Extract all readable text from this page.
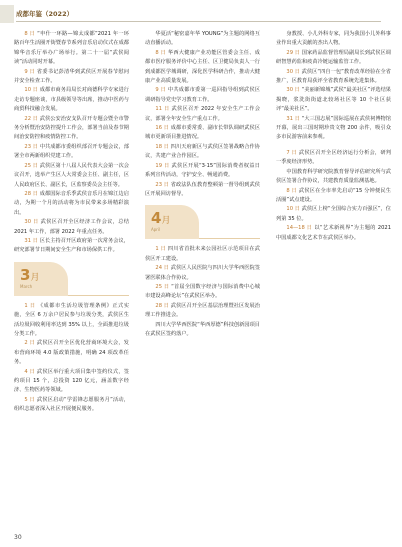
成都年鉴（2022）

8 日 “申什一环路—锦太成都”2021 年一环路百年生活圈开街暨春节系列音乐启动仪式在成都锦华音乐厅举办广场举行。第二十一届“武侯阅读”活动同时开幕。

9 日 省委书记彭清华到武侯区开展春节慰问并安全检查工作。

10 日 成都市商务局局长对商德科学专家进行走访专题座谈，市县级领导等出席，推动中医药与商贸科技融合发展。

22 日 武侯公安治安支队召开专题会暨全市警务分析暨治安防控提升工作会，部署当前及春节期间治安防控和疫情防控工作。

23 日 中共成都市委组织部召开专题会议，部署全市两新组织党建工作。

25 日 武侯区第十八届人民代表大会第一次会议召开，选举产生区人大常委会主任、副主任，区人民政府区长、副区长，区监察委员会主任等。

28 日 成都国际音乐季武侯音乐月在锦江边启动，为期一个月的活动将为市民带来多场精彩演出。

30 日 武侯区召开全区经济工作会议，总结 2021 年工作，部署 2022 年重点任务。

31 日 区长主持召开区政府第一次常务会议，研究部署节日期间安全生产和市场保供工作。

3月
March

1 日 《成都市生活垃圾管理条例》正式实施，全区 6 万余户居民参与垃圾分类，武侯区生活垃圾回收利用率达到 35% 以上，全面推进垃圾分类工作。

2 日 武侯区召开全区优化营商环境大会，发布营商环境 4.0 版政策措施，明确 24 项改革任务。

4 日 武侯区举行重大项目集中签约仪式，签约项目 15 个，总投资 120 亿元，涵盖数字经济、生物医药等领域。

5 日 武侯区启动“学雷锋志愿服务月”活动，组织志愿者深入社区开展便民服务。

华夏活“秘密嘉年华 YOUNG”为主题的网络互动直播活动。

8 日 华西大健康产业功能区管委会主任、成都市医疗服务评价中心主任、区卫健局负责人一行到成都医学城调研，深化医学科研合作，推动大健康产业高质量发展。

9 日 中共成都市委第一巡回指导组到武侯区调研指导党史学习教育工作。

11 日 武侯区召开 2022 年安全生产工作会议，部署全年安全生产重点工作。

16 日 成都市委常委、副市长带队调研武侯区城市更新项目推进情况。

18 日 四川天府新区与武侯区签署战略合作协议，共建产业合作园区。

19 日 武侯区开展“3·15”国际消费者权益日系列宣传活动，守护安全、畅通消费。

23 日 省政法队伍教育整顿第一督导组到武侯区开展回访督导。

4月
April

1 日 四川省首批未来公园社区示范项目在武侯区开工建设。

24 日 武侯区人民医院与四川大学华西医院签署医联体合作协议。

25 日 “首届全国数字经济与国际消费中心城市建设高峰论坛”在武侯区举办。

28 日 武侯区召开全区基层治理暨社区发展治理工作推进会。

四川大学华西医院“华西厚德”科技创新园项目在武侯区签约落户。

身教授、小儿外科专家，同为我国小儿外科事业作出重大贡献的杰出人物。

29 日 国家药品监督管理局副局长到武侯区调研智慧药监和疫苗冷链运输监管工作。

30 日 武侯区“四自一包”教育改革经验在全省推广，区教育局获评全省教育系统先进集体。

30 日 “美丽新锦城”武侯“最美社区”评选结果揭晓，浆洗街街道北较场社区等 10 个社区获评“最美社区”。

31 日 “大三国志展”国际巡展在武侯祠博物馆开幕，展出三国时期珍贵文物 200 余件，吸引众多市民游客前来参观。

7 日 武侯区召开全区经济运行分析会，研判一季度经济形势。

中国教育科学研究院教育督导评估研究所与武侯区签署合作协议，共建教育质量监测基地。

8 日 武侯区在全市率先启动“15 分钟便民生活圈”试点建设。

10 日 武侯区上榜“全国综合实力百强区”，位列第 35 位。

14—18 日 以“艺术新视界”为主题的 2021 中国成都文化艺术节在武侯区举办。

30
